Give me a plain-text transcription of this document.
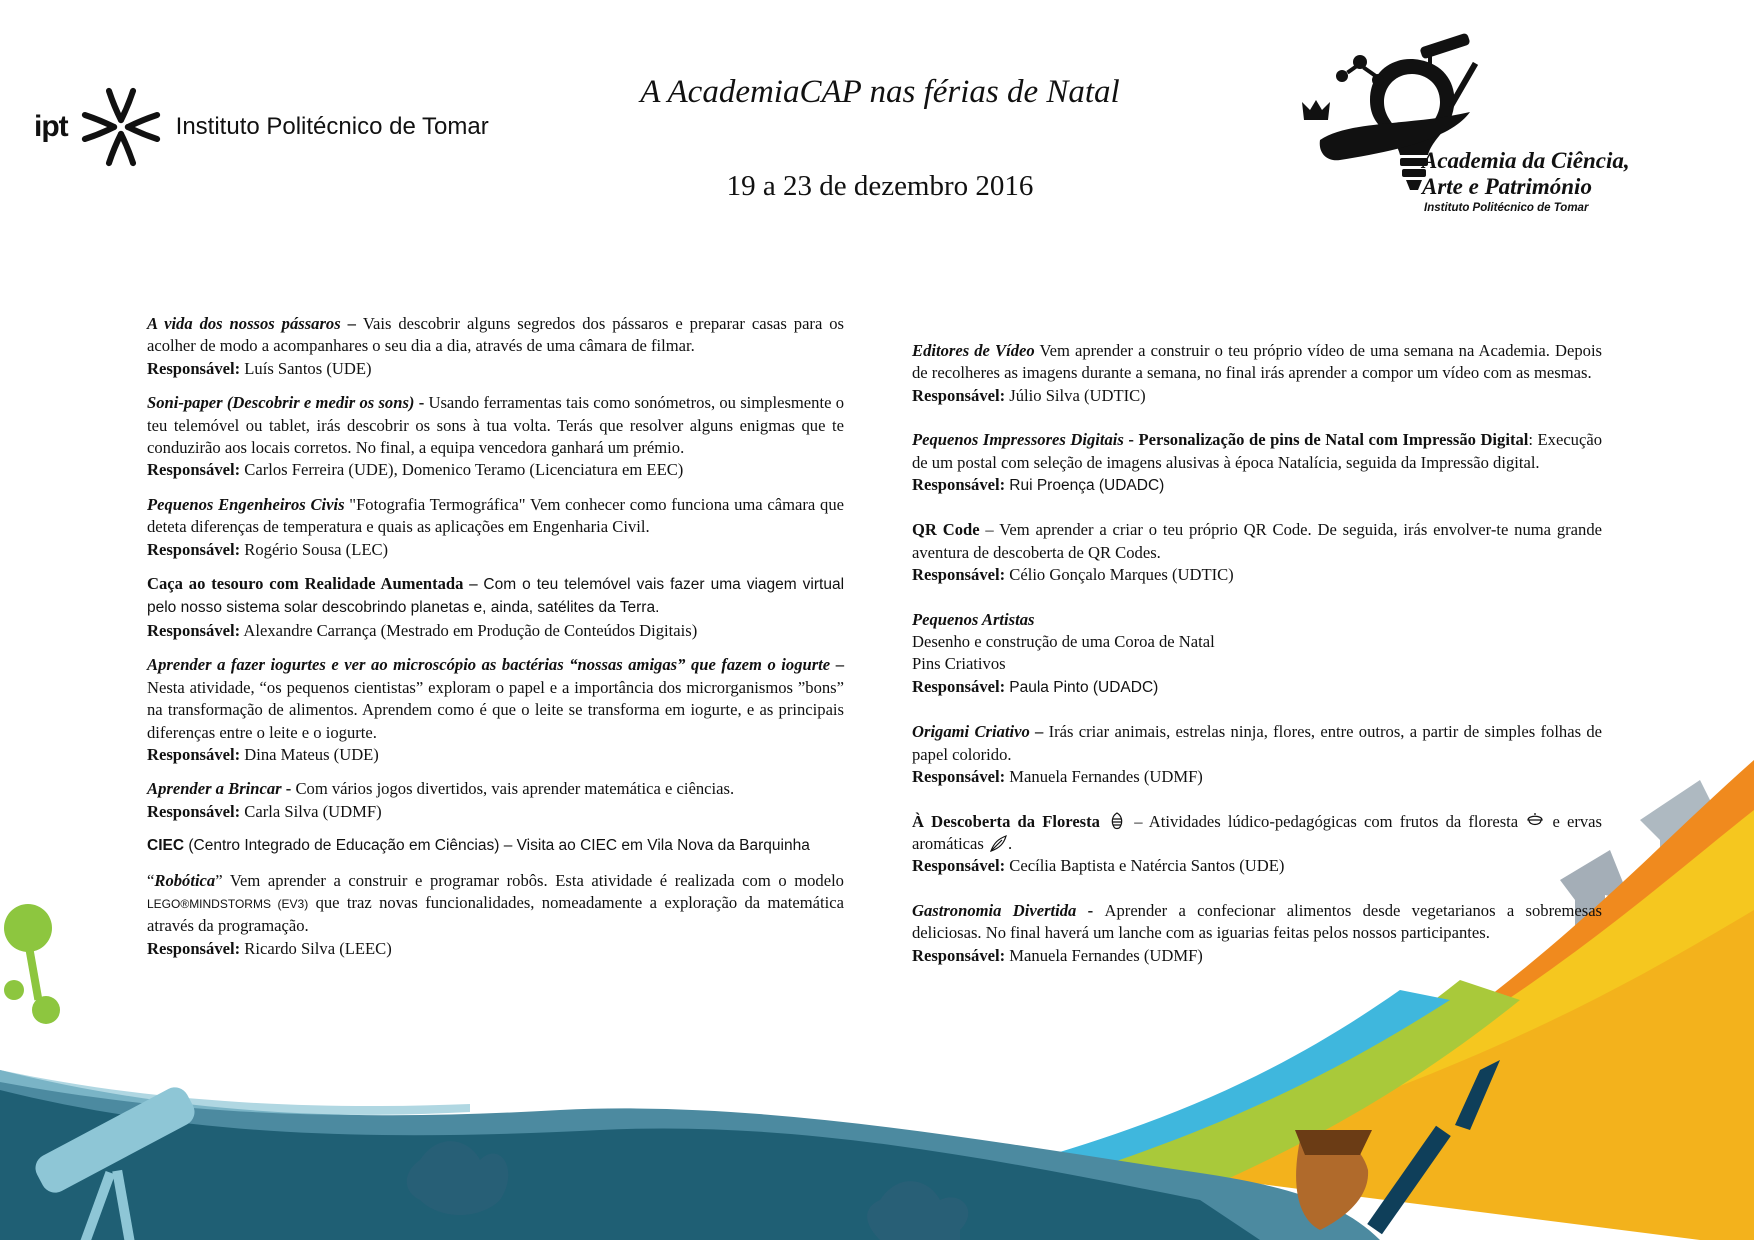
ipt	Instituto Politécnico de Tomar
A AcademiaCAP nas férias de Natal
19 a 23 de dezembro 2016
Academia da Ciência,
Arte e Património
Instituto Politécnico de Tomar
A vida dos nossos pássaros – Vais descobrir alguns segredos dos pássaros e preparar casas para os acolher de modo a acompanhares o seu dia a dia, através de uma câmara de filmar.
Responsável: Luís Santos (UDE)
Soni-paper (Descobrir e medir os sons) - Usando ferramentas tais como sonómetros, ou simplesmente o teu telemóvel ou tablet, irás descobrir os sons à tua volta. Terás que resolver alguns enigmas que te conduzirão aos locais corretos. No final, a equipa vencedora ganhará um prémio.
Responsável: Carlos Ferreira (UDE), Domenico Teramo (Licenciatura em EEC)
Pequenos Engenheiros Civis "Fotografia Termográfica" Vem conhecer como funciona uma câmara que deteta diferenças de temperatura e quais as aplicações em Engenharia Civil.
Responsável: Rogério Sousa (LEC)
Caça ao tesouro com Realidade Aumentada – Com o teu telemóvel vais fazer uma viagem virtual pelo nosso sistema solar descobrindo planetas e, ainda, satélites da Terra.
Responsável: Alexandre Carrança (Mestrado em Produção de Conteúdos Digitais)
Aprender a fazer iogurtes e ver ao microscópio as bactérias “nossas amigas” que fazem o iogurte – Nesta atividade, “os pequenos cientistas” exploram o papel e a importância dos microrganismos ”bons” na transformação de alimentos. Aprendem como é que o leite se transforma em iogurte, e as principais diferenças entre o leite e o iogurte.
Responsável: Dina Mateus (UDE)
Aprender a Brincar - Com vários jogos divertidos, vais aprender matemática e ciências.
Responsável: Carla Silva (UDMF)
CIEC (Centro Integrado de Educação em Ciências) – Visita ao CIEC em Vila Nova da Barquinha
“Robótica” Vem aprender a construir e programar robôs. Esta atividade é realizada com o modelo LEGO®MINDSTORMS (EV3) que traz novas funcionalidades, nomeadamente a exploração da matemática através da programação.
Responsável: Ricardo Silva (LEEC)
Editores de Vídeo Vem aprender a construir o teu próprio vídeo de uma semana na Academia. Depois de recolheres as imagens durante a semana, no final irás aprender a compor um vídeo com as mesmas.
Responsável: Júlio Silva (UDTIC)
Pequenos Impressores Digitais - Personalização de pins de Natal com Impressão Digital: Execução de um postal com seleção de imagens alusivas à época Natalícia, seguida da Impressão digital.
Responsável: Rui Proença (UDADC)
QR Code – Vem aprender a criar o teu próprio QR Code. De seguida, irás envolver-te numa grande aventura de descoberta de QR Codes.
Responsável: Célio Gonçalo Marques (UDTIC)
Pequenos Artistas
Desenho e construção de uma Coroa de Natal
Pins Criativos
Responsável: Paula Pinto (UDADC)
Origami Criativo – Irás criar animais, estrelas ninja, flores, entre outros, a partir de simples folhas de papel colorido.
Responsável: Manuela Fernandes (UDMF)
À Descoberta da Floresta  – Atividades lúdico-pedagógicas com frutos da floresta  e ervas aromáticas .
Responsável: Cecília Baptista e Natércia Santos (UDE)
Gastronomia Divertida - Aprender a confecionar alimentos desde vegetarianos a sobremesas deliciosas. No final haverá um lanche com as iguarias feitas pelos nossos participantes.
Responsável: Manuela Fernandes (UDMF)
